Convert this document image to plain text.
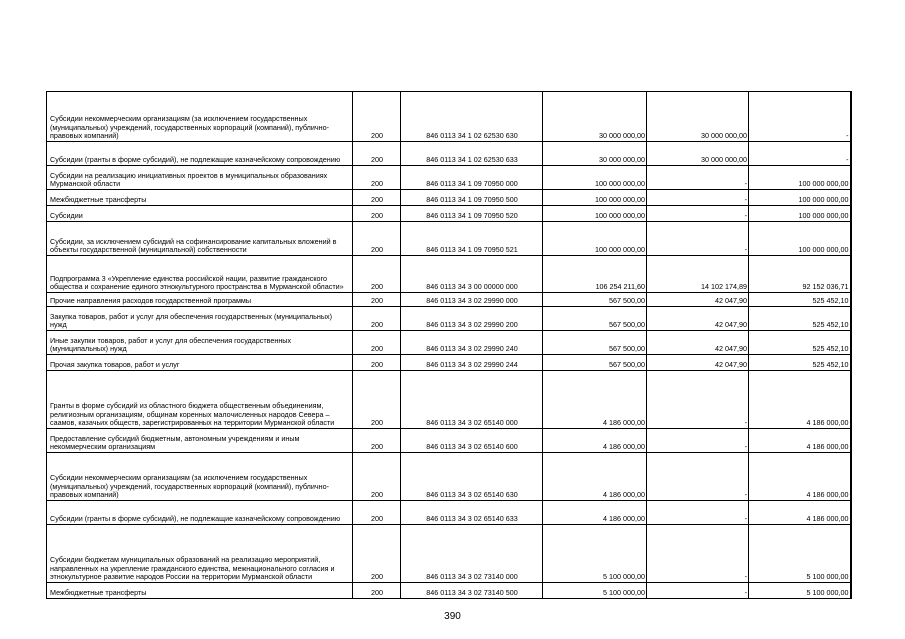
Субсидии некоммерческим организациям (за исключением государственных (муниципальных) учреждений, государственных корпораций (компаний), публично-правовых компаний)	200	846 0113 34 1 02 62530 630	30 000 000,00	30 000 000,00	-
Субсидии (гранты в форме субсидий), не подлежащие казначейскому сопровождению	200	846 0113 34 1 02 62530 633	30 000 000,00	30 000 000,00	-
Субсидии на реализацию инициативных проектов в муниципальных образованиях Мурманской области	200	846 0113 34 1 09 70950 000	100 000 000,00	-	100 000 000,00
Межбюджетные трансферты	200	846 0113 34 1 09 70950 500	100 000 000,00	-	100 000 000,00
Субсидии	200	846 0113 34 1 09 70950 520	100 000 000,00	-	100 000 000,00
Субсидии, за исключением субсидий на софинансирование капитальных вложений в объекты государственной (муниципальной) собственности	200	846 0113 34 1 09 70950 521	100 000 000,00	-	100 000 000,00
Подпрограмма 3 «Укрепление единства российской нации, развитие гражданского общества и сохранение единого этнокультурного пространства в Мурманской области»	200	846 0113 34 3 00 00000 000	106 254 211,60	14 102 174,89	92 152 036,71
Прочие направления расходов государственной программы	200	846 0113 34 3 02 29990 000	567 500,00	42 047,90	525 452,10
Закупка товаров, работ и услуг для обеспечения государственных (муниципальных) нужд	200	846 0113 34 3 02 29990 200	567 500,00	42 047,90	525 452,10
Иные закупки товаров, работ и услуг для обеспечения государственных (муниципальных) нужд	200	846 0113 34 3 02 29990 240	567 500,00	42 047,90	525 452,10
Прочая закупка товаров, работ и услуг	200	846 0113 34 3 02 29990 244	567 500,00	42 047,90	525 452,10
Гранты в форме субсидий из областного бюджета общественным объединениям, религиозным организациям, общинам коренных малочисленных народов Севера – саамов, казачьих обществ, зарегистрированных на территории Мурманской области	200	846 0113 34 3 02 65140 000	4 186 000,00	-	4 186 000,00
Предоставление субсидий бюджетным, автономным учреждениям и иным некоммерческим организациям	200	846 0113 34 3 02 65140 600	4 186 000,00	-	4 186 000,00
Субсидии некоммерческим организациям (за исключением государственных (муниципальных) учреждений, государственных корпораций (компаний), публично-правовых компаний)	200	846 0113 34 3 02 65140 630	4 186 000,00	-	4 186 000,00
Субсидии (гранты в форме субсидий), не подлежащие казначейскому сопровождению	200	846 0113 34 3 02 65140 633	4 186 000,00	-	4 186 000,00
Субсидии бюджетам муниципальных образований на реализацию мероприятий, направленных на укрепление гражданского единства, межнационального согласия и этнокультурное развитие народов России на территории Мурманской области	200	846 0113 34 3 02 73140 000	5 100 000,00	-	5 100 000,00
Межбюджетные трансферты	200	846 0113 34 3 02 73140 500	5 100 000,00	-	5 100 000,00
390
